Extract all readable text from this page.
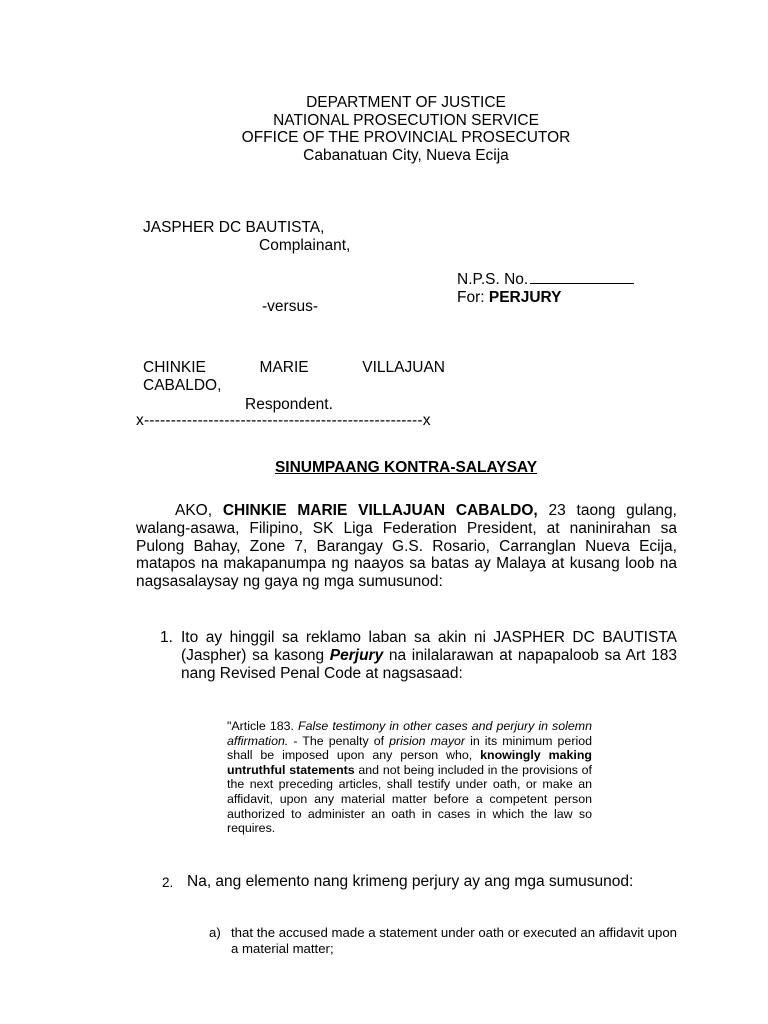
DEPARTMENT OF JUSTICE
NATIONAL PROSECUTION SERVICE
OFFICE OF THE PROVINCIAL PROSECUTOR
Cabanatuan City, Nueva Ecija
JASPHER DC BAUTISTA,
Complainant,
-versus-
N.P.S. No.
For: PERJURY
CHINKIE	MARIE	VILLAJUAN
CABALDO,
Respondent.
x----------------------------------------------------x
SINUMPAANG KONTRA-SALAYSAY
AKO, CHINKIE MARIE VILLAJUAN CABALDO, 23 taong gulang, walang-asawa, Filipino, SK Liga Federation President, at naninirahan sa Pulong Bahay, Zone 7, Barangay G.S. Rosario, Carranglan Nueva Ecija, matapos na makapanumpa ng naayos sa batas ay Malaya at kusang loob na nagsasalaysay ng gaya ng mga sumusunod:
1. Ito ay hinggil sa reklamo laban sa akin ni JASPHER DC BAUTISTA (Jaspher) sa kasong Perjury na inilalarawan at napapaloob sa Art 183 nang Revised Penal Code at nagsasaad:
"Article 183. False testimony in other cases and perjury in solemn affirmation. - The penalty of prision mayor in its minimum period shall be imposed upon any person who, knowingly making untruthful statements and not being included in the provisions of the next preceding articles, shall testify under oath, or make an affidavit, upon any material matter before a competent person authorized to administer an oath in cases in which the law so requires.
2. Na, ang elemento nang krimeng perjury ay ang mga sumusunod:
a) that the accused made a statement under oath or executed an affidavit upon a material matter;
